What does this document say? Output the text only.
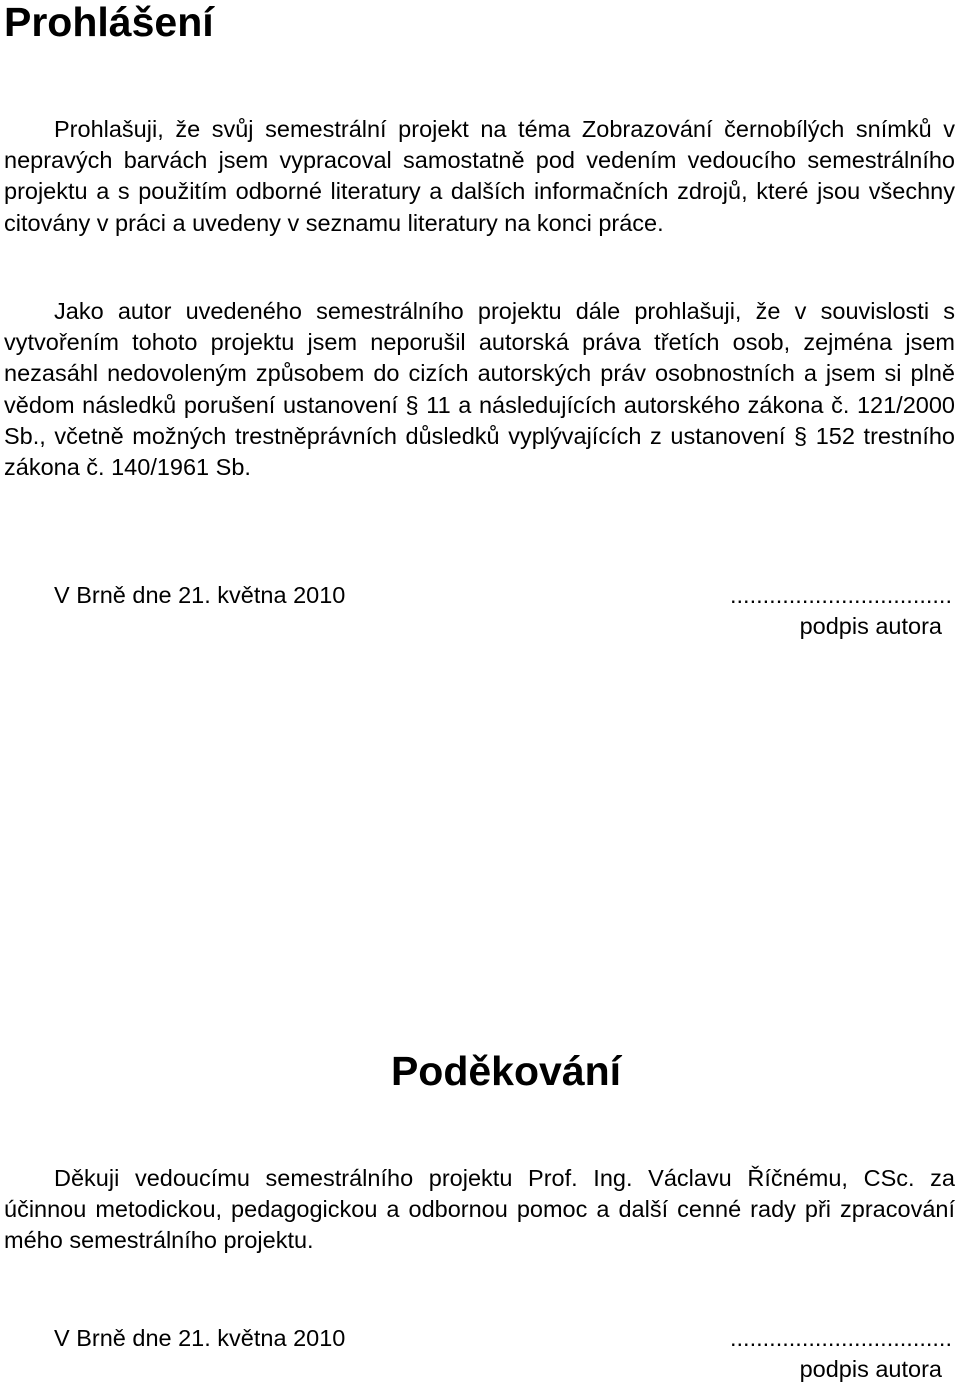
Prohlášení

Prohlašuji, že svůj semestrální projekt na téma Zobrazování černobílých snímků v nepravých barvách jsem vypracoval samostatně pod vedením vedoucího semestrálního projektu a s použitím odborné literatury a dalších informačních zdrojů, které jsou všechny citovány v práci a uvedeny v seznamu literatury na konci práce.

Jako autor uvedeného semestrálního projektu dále prohlašuji, že v souvislosti s vytvořením tohoto projektu jsem neporušil autorská práva třetích osob, zejména jsem nezasáhl nedovoleným způsobem do cizích autorských práv osobnostních a jsem si plně vědom následků porušení ustanovení § 11 a následujících autorského zákona č. 121/2000 Sb., včetně možných trestněprávních důsledků vyplývajících z ustanovení § 152 trestního zákona č. 140/1961 Sb.

V Brně dne 21. května 2010	..................................
podpis autora
Poděkování

Děkuji vedoucímu semestrálního projektu Prof. Ing. Václavu Říčnému, CSc. za účinnou metodickou, pedagogickou a odbornou pomoc a další cenné rady při zpracování mého semestrálního projektu.

V Brně dne 21. května 2010	..................................
podpis autora
